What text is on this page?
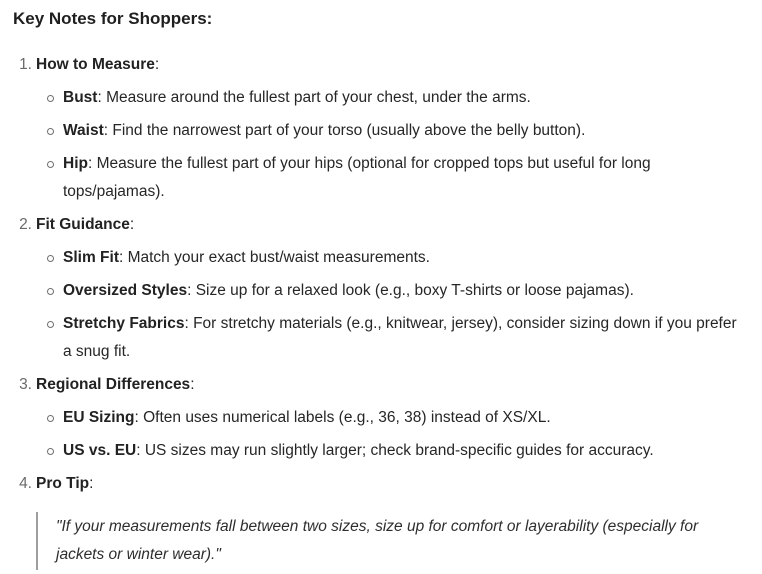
Key Notes for Shoppers:
1. How to Measure:
Bust: Measure around the fullest part of your chest, under the arms.
Waist: Find the narrowest part of your torso (usually above the belly button).
Hip: Measure the fullest part of your hips (optional for cropped tops but useful for long tops/pajamas).
2. Fit Guidance:
Slim Fit: Match your exact bust/waist measurements.
Oversized Styles: Size up for a relaxed look (e.g., boxy T-shirts or loose pajamas).
Stretchy Fabrics: For stretchy materials (e.g., knitwear, jersey), consider sizing down if you prefer a snug fit.
3. Regional Differences:
EU Sizing: Often uses numerical labels (e.g., 36, 38) instead of XS/XL.
US vs. EU: US sizes may run slightly larger; check brand-specific guides for accuracy.
4. Pro Tip:
"If your measurements fall between two sizes, size up for comfort or layerability (especially for jackets or winter wear)."
